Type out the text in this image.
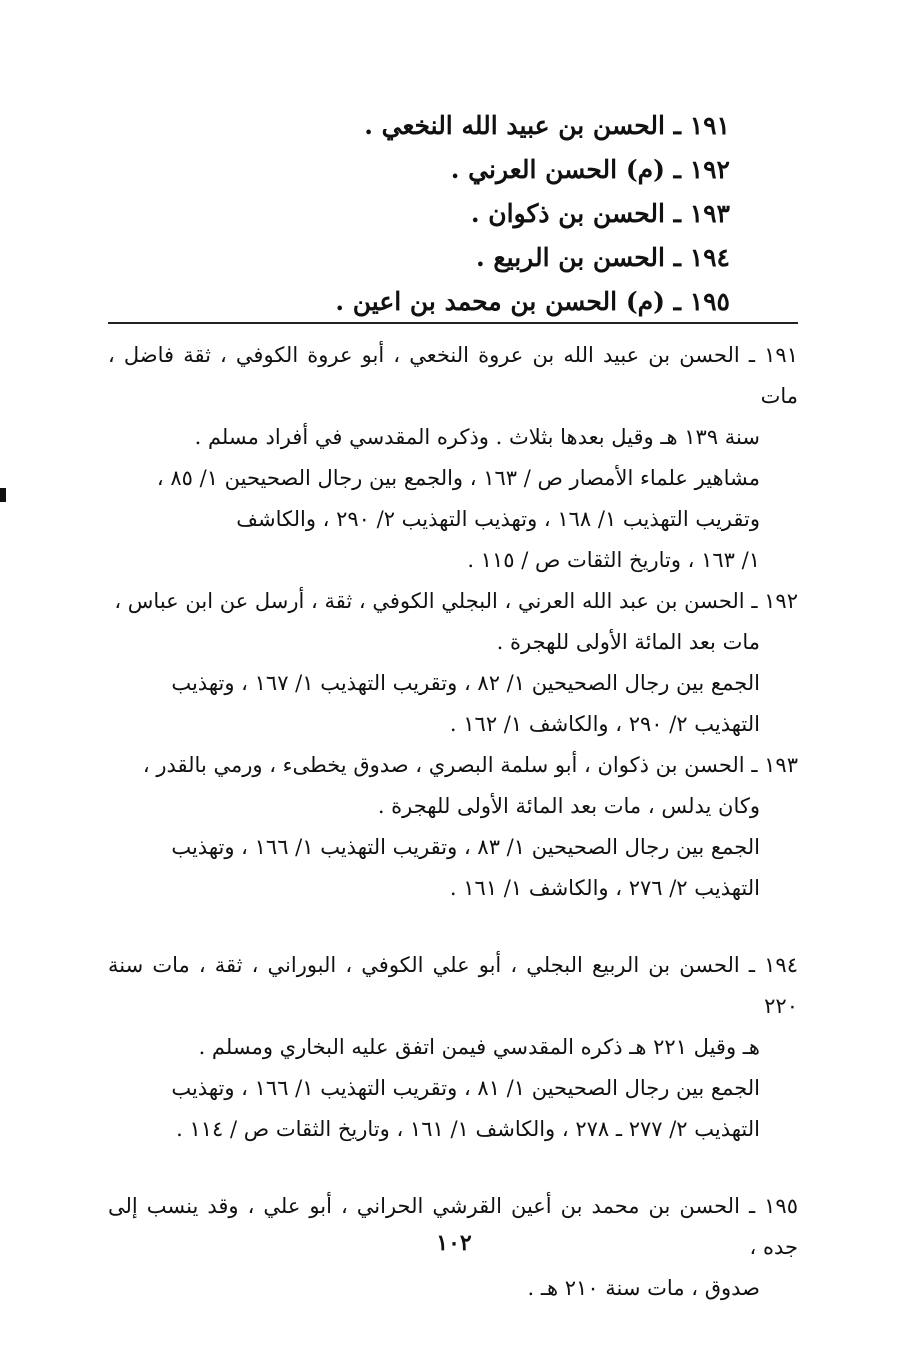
١٩١ ـ الحسن بن عبيد الله النخعي .
١٩٢ ـ (م) الحسن العرني .
١٩٣ ـ الحسن بن ذكوان .
١٩٤ ـ الحسن بن الربيع .
١٩٥ ـ (م) الحسن بن محمد بن اعين .

١٩١ ـ الحسن بن عبيد الله بن عروة النخعي ، أبو عروة الكوفي ، ثقة فاضل ، مات

سنة ١٣٩ هـ وقيل بعدها بثلاث . وذكره المقدسي في أفراد مسلم .

مشاهير علماء الأمصار ص / ١٦٣ ، والجمع بين رجال الصحيحين ١/ ٨٥ ،

وتقريب التهذيب ١/ ١٦٨ ، وتهذيب التهذيب ٢/ ٢٩٠ ، والكاشف

١/ ١٦٣ ، وتاريخ الثقات ص / ١١٥ .

١٩٢ ـ الحسن بن عبد الله العرني ، البجلي الكوفي ، ثقة ، أرسل عن ابن عباس ،

مات بعد المائة الأولى للهجرة .

الجمع بين رجال الصحيحين ١/ ٨٢ ، وتقريب التهذيب ١/ ١٦٧ ، وتهذيب

التهذيب ٢/ ٢٩٠ ، والكاشف ١/ ١٦٢ .

١٩٣ ـ الحسن بن ذكوان ، أبو سلمة البصري ، صدوق يخطىء ، ورمي بالقدر ،

وكان يدلس ، مات بعد المائة الأولى للهجرة .

الجمع بين رجال الصحيحين ١/ ٨٣ ، وتقريب التهذيب ١/ ١٦٦ ، وتهذيب

التهذيب ٢/ ٢٧٦ ، والكاشف ١/ ١٦١ .

١٩٤ ـ الحسن بن الربيع البجلي ، أبو علي الكوفي ، البوراني ، ثقة ، مات سنة ٢٢٠

هـ وقيل ٢٢١ هـ ذكره المقدسي فيمن اتفق عليه البخاري ومسلم .

الجمع بين رجال الصحيحين ١/ ٨١ ، وتقريب التهذيب ١/ ١٦٦ ، وتهذيب

التهذيب ٢/ ٢٧٧ ـ ٢٧٨ ، والكاشف ١/ ١٦١ ، وتاريخ الثقات ص / ١١٤ .

١٩٥ ـ الحسن بن محمد بن أعين القرشي الحراني ، أبو علي ، وقد ينسب إلى جده ،

صدوق ، مات سنة ٢١٠ هـ .

١٠٢
